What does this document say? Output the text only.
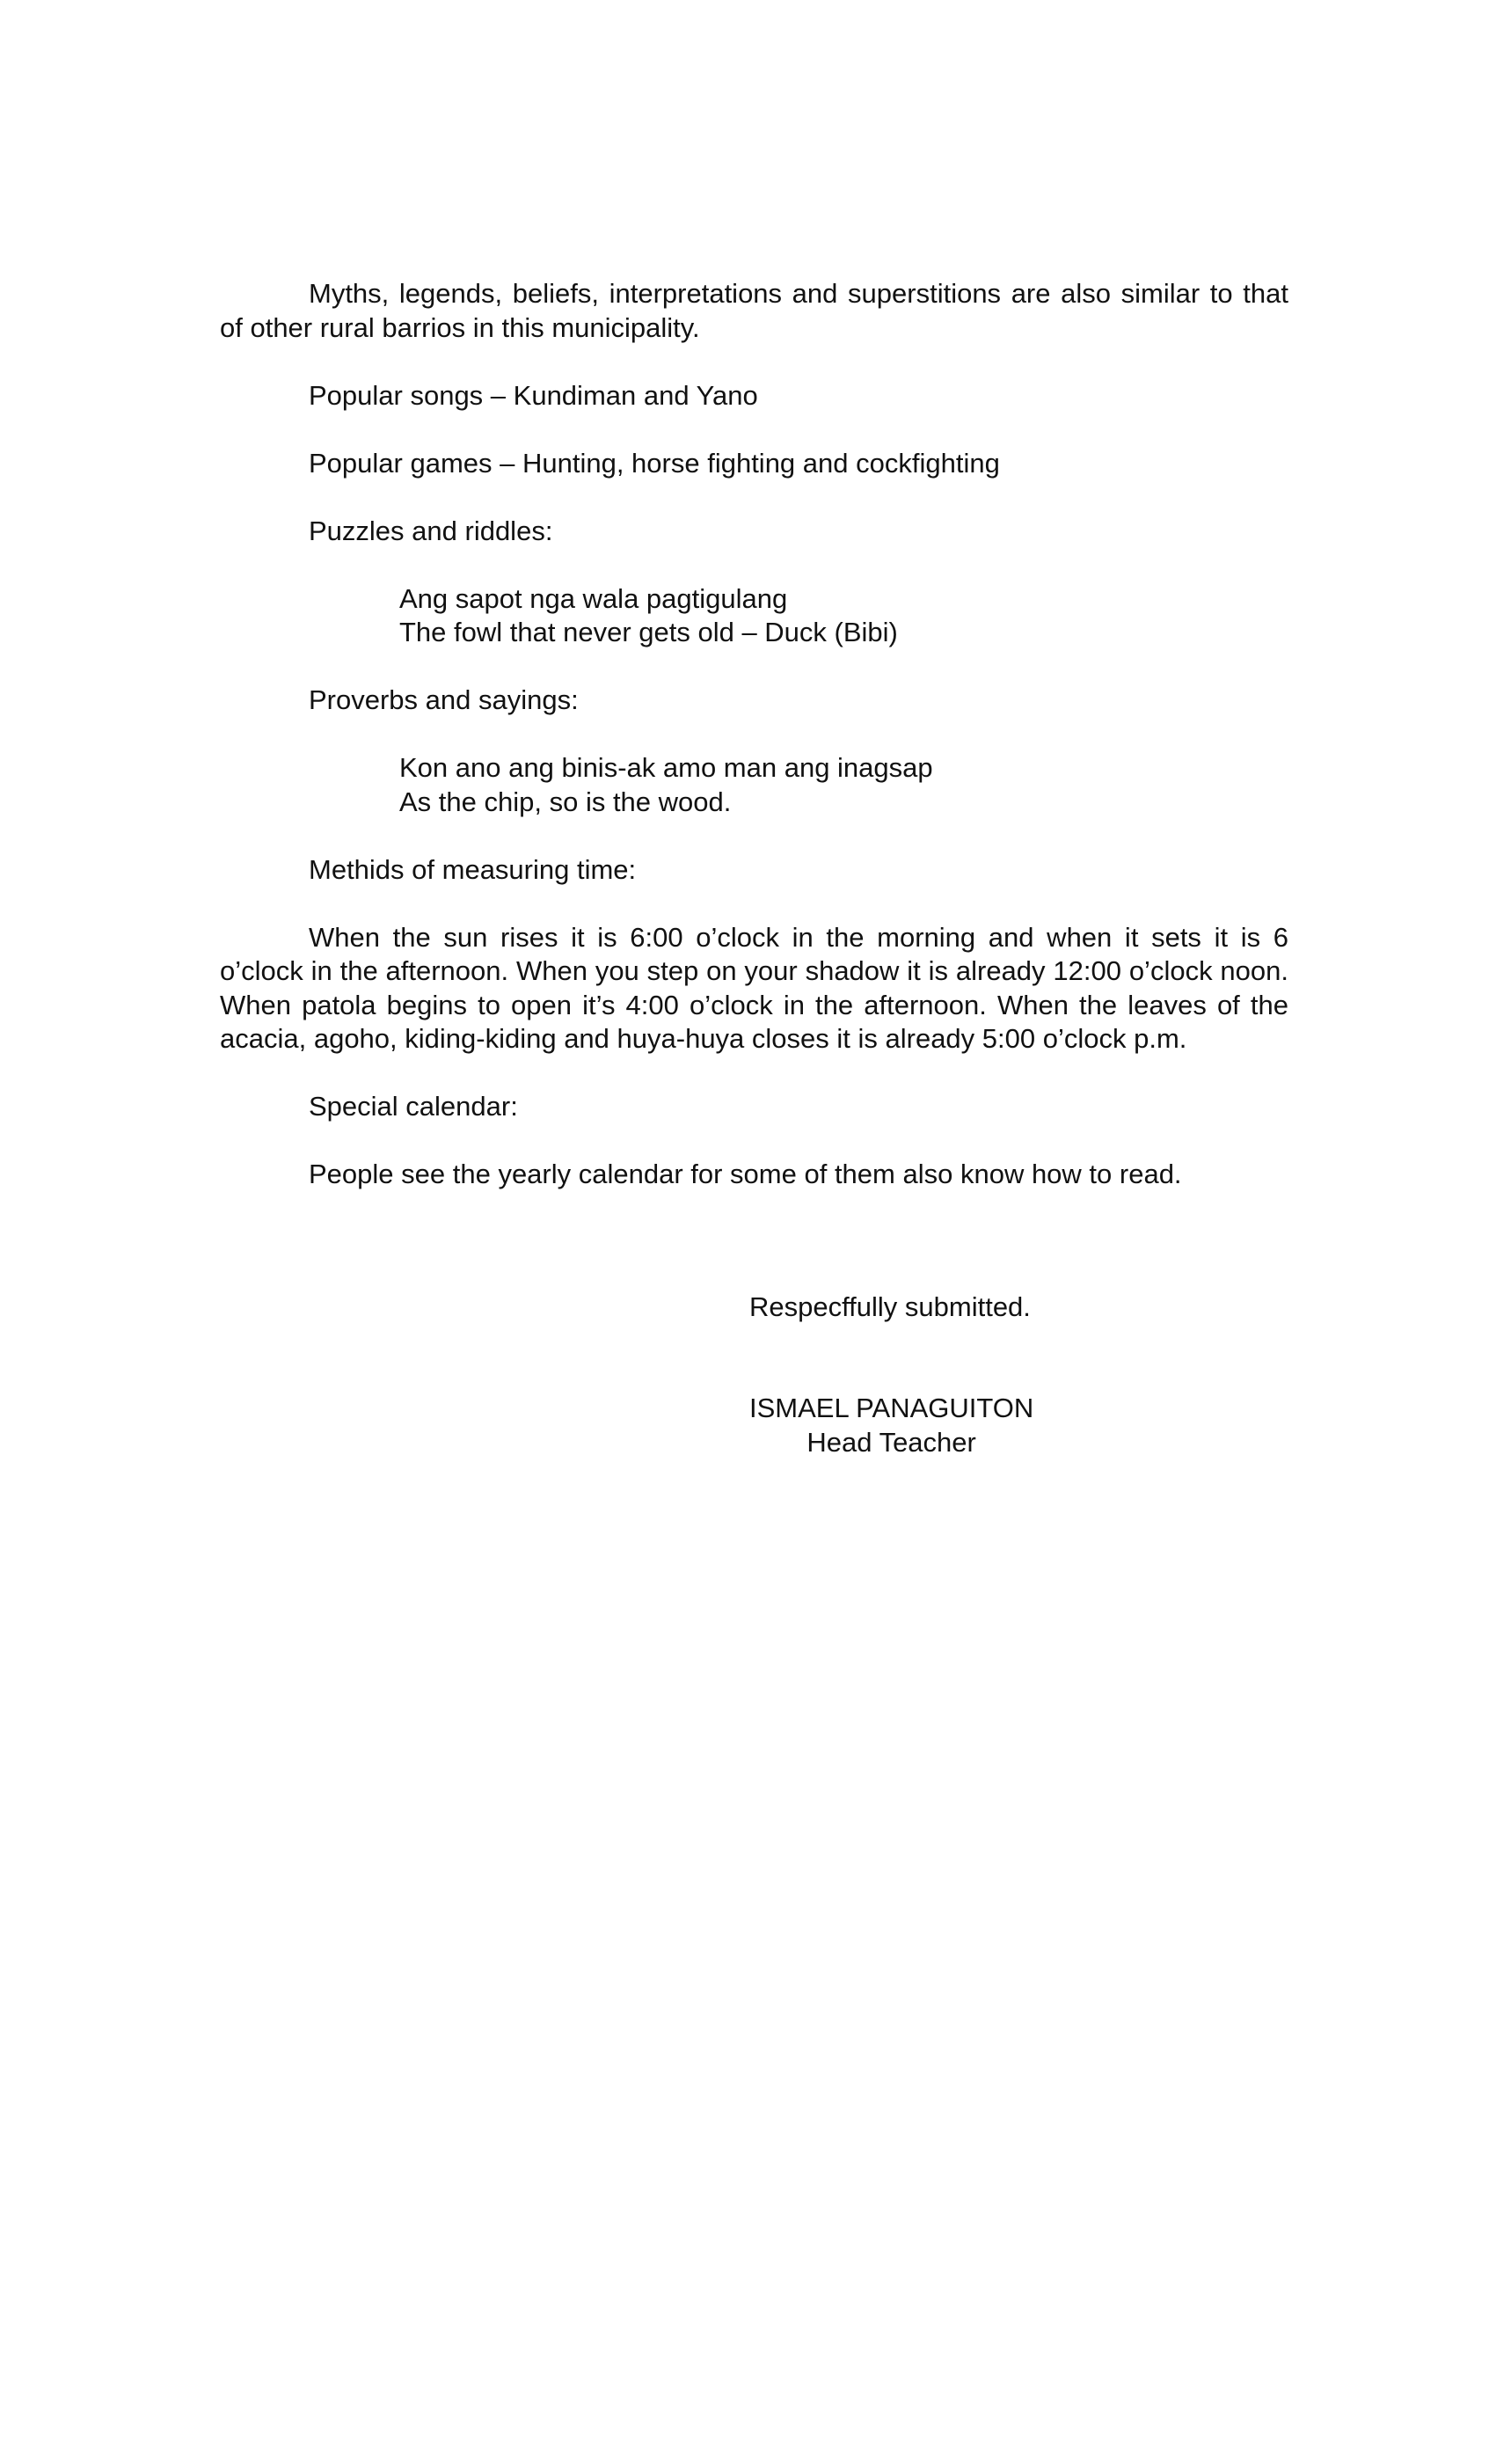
Myths, legends, beliefs, interpretations and superstitions are also similar to that of other rural barrios in this municipality.

Popular songs – Kundiman and Yano

Popular games – Hunting, horse fighting and cockfighting

Puzzles and riddles:

Ang sapot nga wala pagtigulang
The fowl that never gets old – Duck (Bibi)

Proverbs and sayings:

Kon ano ang binis-ak amo man ang inagsap
As the chip, so is the wood.

Methids of measuring time:

When the sun rises it is 6:00 o’clock in the morning and when it sets it is 6 o’clock in the afternoon. When you step on your shadow it is already 12:00 o’clock noon. When patola begins to open it’s 4:00 o’clock in the afternoon. When the leaves of the acacia, agoho, kiding-kiding and huya-huya closes it is already 5:00 o’clock p.m.

Special calendar:

People see the yearly calendar for some of them also know how to read.

Respecffully submitted.
ISMAEL PANAGUITON
Head Teacher
